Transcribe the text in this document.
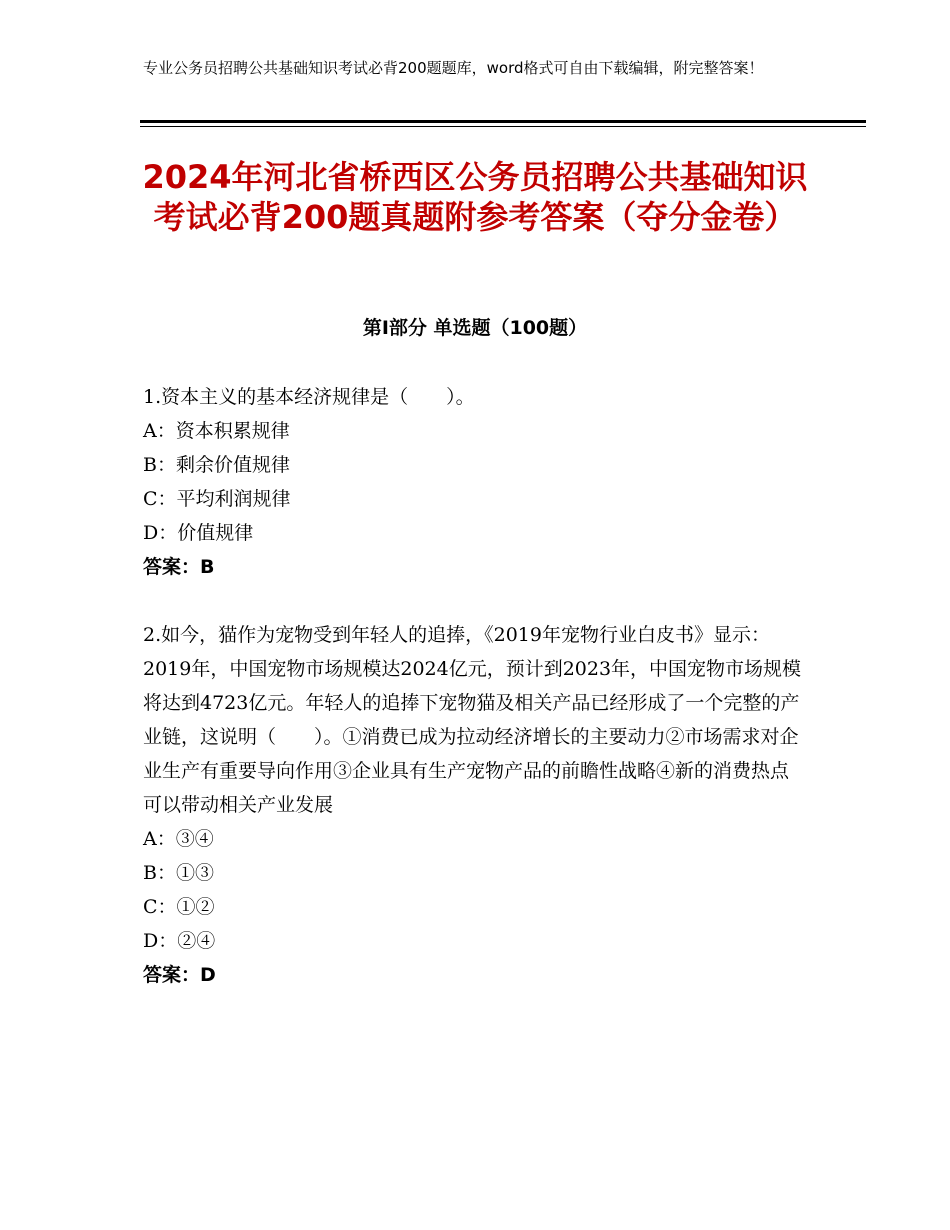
专业公务员招聘公共基础知识考试必背200题题库，word格式可自由下载编辑，附完整答案！
2024年河北省桥西区公务员招聘公共基础知识考试必背200题真题附参考答案（夺分金卷）
第Ⅰ部分 单选题（100题）

1.资本主义的基本经济规律是（　　）。

A：资本积累规律

B：剩余价值规律

C：平均利润规律

D：价值规律

答案：B

2.如今，猫作为宠物受到年轻人的追捧，《2019年宠物行业白皮书》显示：2019年，中国宠物市场规模达2024亿元，预计到2023年，中国宠物市场规模将达到4723亿元。年轻人的追捧下宠物猫及相关产品已经形成了一个完整的产业链，这说明（　　）。①消费已成为拉动经济增长的主要动力②市场需求对企业生产有重要导向作用③企业具有生产宠物产品的前瞻性战略④新的消费热点可以带动相关产业发展

A：③④

B：①③

C：①②

D：②④

答案：D
